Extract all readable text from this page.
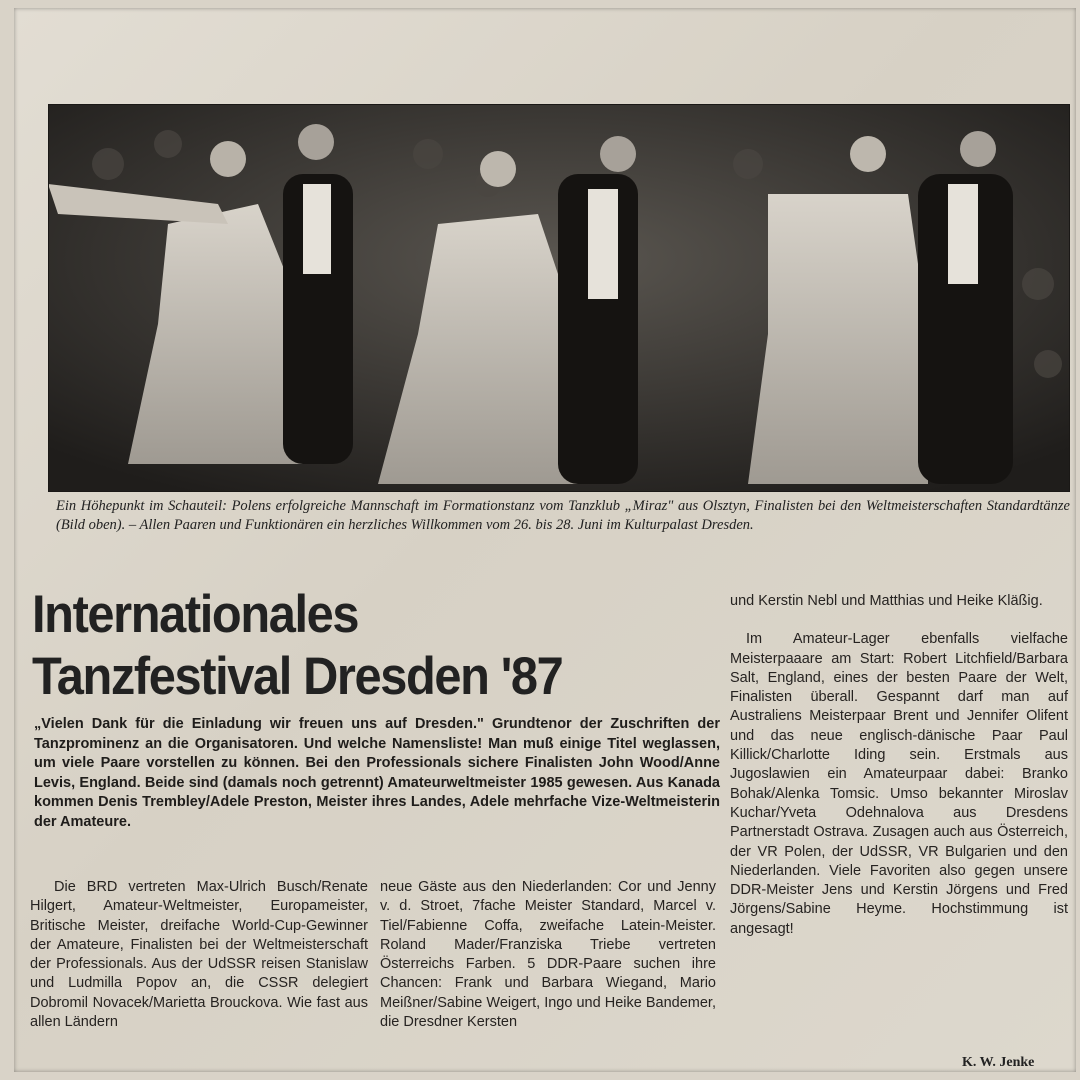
Ein Höhepunkt im Schauteil: Polens erfolgreiche Mannschaft im Formationstanz vom Tanzklub „Miraz" aus Olsztyn, Finalisten bei den Weltmeisterschaften Standardtänze (Bild oben). – Allen Paaren und Funktionären ein herzliches Willkommen vom 26. bis 28. Juni im Kulturpalast Dresden.
Internationales
Tanzfestival Dresden '87
„Vielen Dank für die Einladung wir freuen uns auf Dresden." Grundtenor der Zuschriften der Tanzprominenz an die Organisatoren. Und welche Namensliste! Man muß einige Titel weglassen, um viele Paare vorstellen zu können. Bei den Professionals sichere Finalisten John Wood/Anne Levis, England. Beide sind (damals noch getrennt) Amateurweltmeister 1985 gewesen. Aus Kanada kommen Denis Trembley/Adele Preston, Meister ihres Landes, Adele mehrfache Vize-Weltmeisterin der Amateure.

Die BRD vertreten Max-Ulrich Busch/Renate Hilgert, Amateur-Weltmeister, Europameister, Britische Meister, dreifache World-Cup-Gewinner der Amateure, Finalisten bei der Weltmeisterschaft der Professionals. Aus der UdSSR reisen Stanislaw und Ludmilla Popov an, die CSSR delegiert Dobromil Novacek/Marietta Brouckova. Wie fast aus allen Ländern

neue Gäste aus den Niederlanden: Cor und Jenny v. d. Stroet, 7fache Meister Standard, Marcel v. Tiel/Fabienne Coffa, zweifache Latein-Meister. Roland Mader/Franziska Triebe vertreten Österreichs Farben. 5 DDR-Paare suchen ihre Chancen: Frank und Barbara Wiegand, Mario Meißner/Sabine Weigert, Ingo und Heike Bandemer, die Dresdner Kersten

und Kerstin Nebl und Matthias und Heike Kläßig.

Im Amateur-Lager ebenfalls vielfache Meisterpaaare am Start: Robert Litchfield/Barbara Salt, England, eines der besten Paare der Welt, Finalisten überall. Gespannt darf man auf Australiens Meisterpaar Brent und Jennifer Olifent und das neue englisch-dänische Paar Paul Killick/Charlotte Iding sein. Erstmals aus Jugoslawien ein Amateurpaar dabei: Branko Bohak/Alenka Tomsic. Umso bekannter Miroslav Kuchar/Yveta Odehnalova aus Dresdens Partnerstadt Ostrava. Zusagen auch aus Österreich, der VR Polen, der UdSSR, VR Bulgarien und den Niederlanden. Viele Favoriten also gegen unsere DDR-Meister Jens und Kerstin Jörgens und Fred Jörgens/Sabine Heyme. Hochstimmung ist angesagt!

K. W. Jenke
